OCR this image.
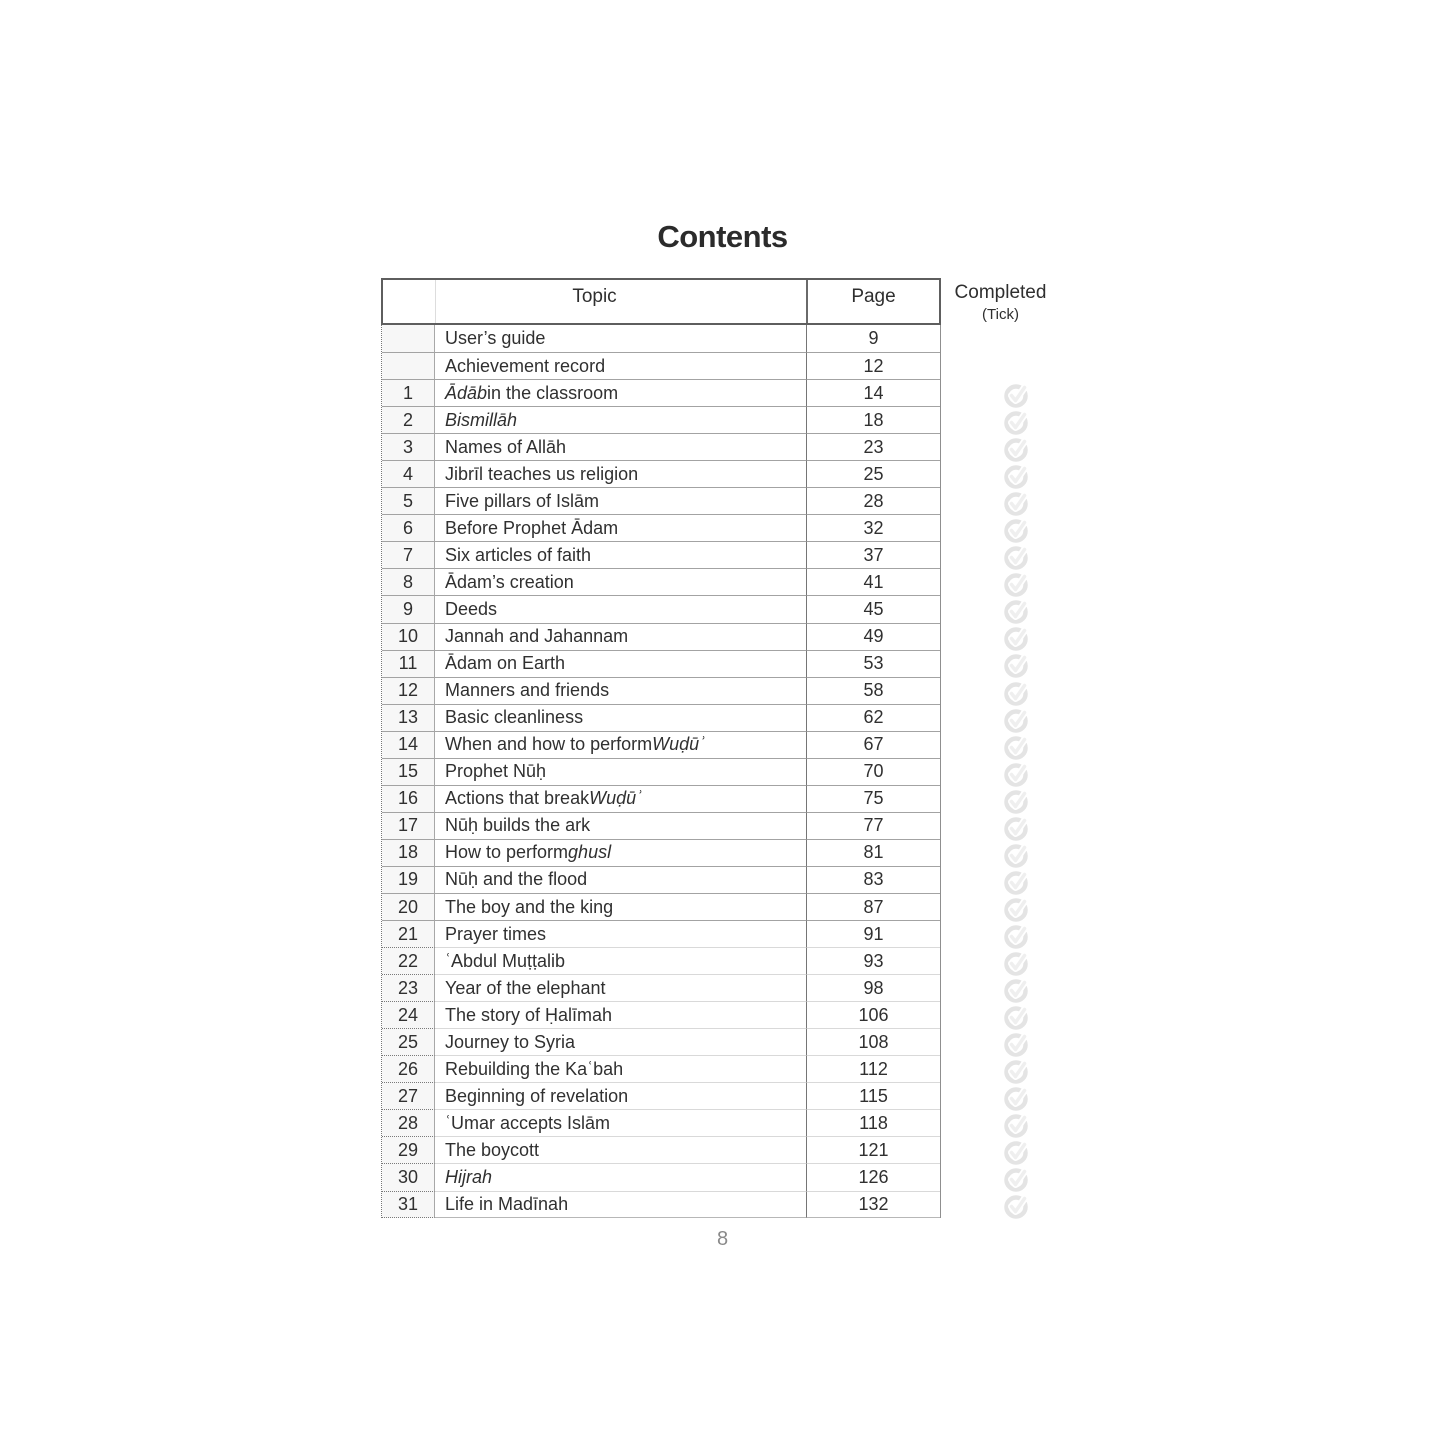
Contents
Topic	Page
User’s guide	9
Achievement record	12
1	Ādāb in the classroom	14
2	Bismillāh	18
3	Names of Allāh	23
4	Jibrīl teaches us religion	25
5	Five pillars of Islām	28
6	Before Prophet Ādam	32
7	Six articles of faith	37
8	Ādam’s creation	41
9	Deeds	45
10	Jannah and Jahannam	49
11	Ādam on Earth	53
12	Manners and friends	58
13	Basic cleanliness	62
14	When and how to perform Wuḍūʾ	67
15	Prophet Nūḥ	70
16	Actions that break Wuḍūʾ	75
17	Nūḥ builds the ark	77
18	How to perform ghusl	81
19	Nūḥ and the flood	83
20	The boy and the king	87
21	Prayer times	91
22	ʿAbdul Muṭṭalib	93
23	Year of the elephant	98
24	The story of Ḥalīmah	106
25	Journey to Syria	108
26	Rebuilding the Kaʿbah	112
27	Beginning of revelation	115
28	ʿUmar accepts Islām	118
29	The boycott	121
30	Hijrah	126
31	Life in Madīnah	132
Completed
(Tick)
8
